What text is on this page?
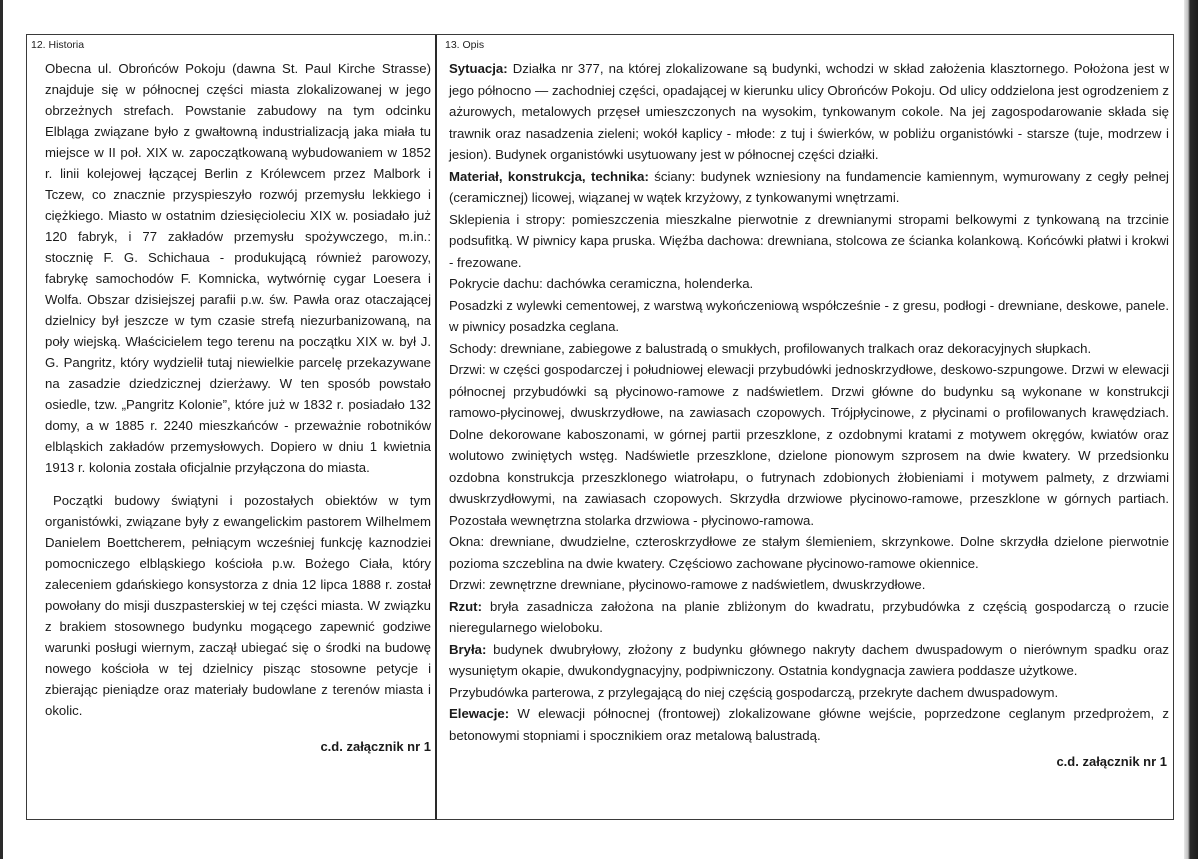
12. Historia

Obecna ul. Obrońców Pokoju (dawna St. Paul Kirche Strasse) znajduje się w północnej części miasta zlokalizowanej w jego obrzeżnych strefach. Powstanie zabudowy na tym odcinku Elbląga związane było z gwałtowną industrializacją jaka miała tu miejsce w II poł. XIX w. zapoczątkowaną wybudowaniem w 1852 r. linii kolejowej łączącej Berlin z Królewcem przez Malbork i Tczew, co znacznie przyspieszyło rozwój przemysłu lekkiego i ciężkiego. Miasto w ostatnim dziesięcioleciu XIX w. posiadało już 120 fabryk, i 77 zakładów przemysłu spożywczego, m.in.: stocznię F. G. Schichaua - produkującą również parowozy, fabrykę samochodów F. Komnicka, wytwórnię cygar Loesera i Wolfa. Obszar dzisiejszej parafii p.w. św. Pawła oraz otaczającej dzielnicy był jeszcze w tym czasie strefą niezurbanizowaną, na poły wiejską. Właścicielem tego terenu na początku XIX w. był J. G. Pangritz, który wydzielił tutaj niewielkie parcelę przekazywane na zasadzie dziedzicznej dzierżawy. W ten sposób powstało osiedle, tzw. „Pangritz Kolonie”, które już w 1832 r. posiadało 132 domy, a w 1885 r. 2240 mieszkańców - przeważnie robotników elbląskich zakładów przemysłowych. Dopiero w dniu 1 kwietnia 1913 r. kolonia została oficjalnie przyłączona do miasta.

Początki budowy świątyni i pozostałych obiektów w tym organistówki, związane były z ewangelickim pastorem Wilhelmem Danielem Boettcherem, pełniącym wcześniej funkcję kaznodziei pomocniczego elbląskiego kościoła p.w. Bożego Ciała, który zaleceniem gdańskiego konsystorza z dnia 12 lipca 1888 r. został powołany do misji duszpasterskiej w tej części miasta. W związku z brakiem stosownego budynku mogącego zapewnić godziwe warunki posługi wiernym, zaczął ubiegać się o środki na budowę nowego kościoła w tej dzielnicy pisząc stosowne petycje i zbierając pieniądze oraz materiały budowlane z terenów miasta i okolic.

c.d. załącznik nr 1
13. Opis

Sytuacja: Działka nr 377, na której zlokalizowane są budynki, wchodzi w skład założenia klasztornego. Położona jest w jego północno — zachodniej części, opadającej w kierunku ulicy Obrońców Pokoju. Od ulicy oddzielona jest ogrodzeniem z ażurowych, metalowych przęseł umieszczonych na wysokim, tynkowanym cokole. Na jej zagospodarowanie składa się trawnik oraz nasadzenia zieleni; wokół kaplicy - młode: z tuj i świerków, w pobliżu organistówki - starsze (tuje, modrzew i jesion). Budynek organistówki usytuowany jest w północnej części działki.

Materiał, konstrukcja, technika: ściany: budynek wzniesiony na fundamencie kamiennym, wymurowany z cegły pełnej (ceramicznej) licowej, wiązanej w wątek krzyżowy, z tynkowanymi wnętrzami.

Sklepienia i stropy: pomieszczenia mieszkalne pierwotnie z drewnianymi stropami belkowymi z tynkowaną na trzcinie podsufitką. W piwnicy kapa pruska. Więźba dachowa: drewniana, stolcowa ze ścianka kolankową. Końcówki płatwi i krokwi - frezowane.

Pokrycie dachu: dachówka ceramiczna, holenderka.

Posadzki z wylewki cementowej, z warstwą wykończeniową współcześnie - z gresu, podłogi - drewniane, deskowe, panele. w piwnicy posadzka ceglana.

Schody: drewniane, zabiegowe z balustradą o smukłych, profilowanych tralkach oraz dekoracyjnych słupkach.

Drzwi: w części gospodarczej i południowej elewacji przybudówki jednoskrzydłowe, deskowo-szpungowe. Drzwi w elewacji północnej przybudówki są płycinowo-ramowe z nadświetlem. Drzwi główne do budynku są wykonane w konstrukcji ramowo-płycinowej, dwuskrzydłowe, na zawiasach czopowych. Trójpłycinowe, z płycinami o profilowanych krawędziach. Dolne dekorowane kaboszonami, w górnej partii przeszklone, z ozdobnymi kratami z motywem okręgów, kwiatów oraz wolutowo zwiniętych wstęg. Nadświetle przeszklone, dzielone pionowym szprosem na dwie kwatery. W przedsionku ozdobna konstrukcja przeszklonego wiatrołapu, o futrynach zdobionych żłobieniami i motywem palmety, z drzwiami dwuskrzydłowymi, na zawiasach czopowych. Skrzydła drzwiowe płycinowo-ramowe, przeszklone w górnych partiach. Pozostała wewnętrzna stolarka drzwiowa - płycinowo-ramowa.

Okna: drewniane, dwudzielne, czteroskrzydłowe ze stałym ślemieniem, skrzynkowe. Dolne skrzydła dzielone pierwotnie pozioma szczeblina na dwie kwatery. Częściowo zachowane płycinowo-ramowe okiennice.

Drzwi: zewnętrzne drewniane, płycinowo-ramowe z nadświetlem, dwuskrzydłowe.

Rzut: bryła zasadnicza założona na planie zbliżonym do kwadratu, przybudówka z częścią gospodarczą o rzucie nieregularnego wieloboku.

Bryła: budynek dwubryłowy, złożony z budynku głównego nakryty dachem dwuspadowym o nierównym spadku oraz wysuniętym okapie, dwukondygnacyjny, podpiwniczony. Ostatnia kondygnacja zawiera poddasze użytkowe.

Przybudówka parterowa, z przylegającą do niej częścią gospodarczą, przekryte dachem dwuspadowym.

Elewacje: W elewacji północnej (frontowej) zlokalizowane główne wejście, poprzedzone ceglanym przedprożem, z betonowymi stopniami i spocznikiem oraz metalową balustradą.

c.d. załącznik nr 1
